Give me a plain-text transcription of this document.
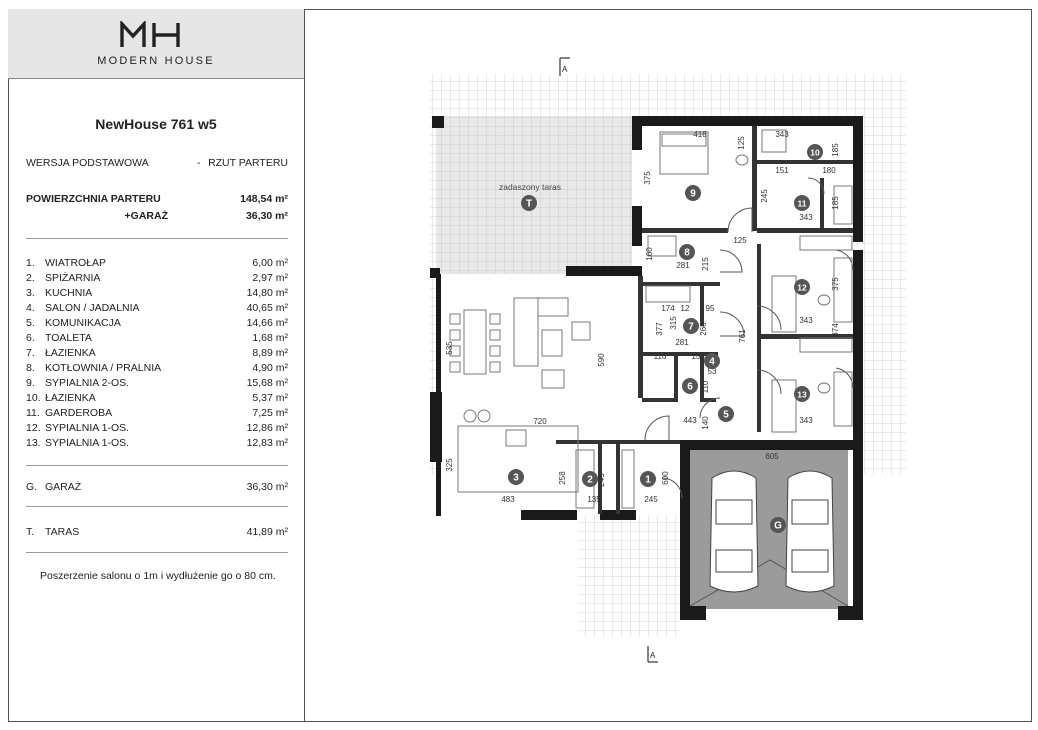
MODERN HOUSE
NewHouse 761 w5
WERSJA PODSTAWOWA	- RZUT PARTERU
POWIERZCHNIA PARTERU	148,54 m²
+GARAŻ	36,30 m²
1. WIATROŁAP	6,00 m²
2. SPIŻARNIA	2,97 m²
3. KUCHNIA	14,80 m²
4. SALON / JADALNIA	40,65 m²
5. KOMUNIKACJA	14,66 m²
6. TOALETA	1,68 m²
7. ŁAZIENKA	8,89 m²
8. KOTŁOWNIA / PRALNIA	4,90 m²
9. SYPIALNIA 2-OS.	15,68 m²
10. ŁAZIENKA	5,37 m²
11. GARDEROBA	7,25 m²
12. SYPIALNIA 1-OS.	12,86 m²
13. SYPIALNIA 1-OS.	12,83 m²
G. GARAŻ	36,30 m²
T. TARAS	41,89 m²
Poszerzenie salonu o 1m i wydłużenie go o 80 cm.
A
A
zadaszony taras
1
2
3
4
5
6
7
8
9
10
11
12
13
T
G
418	343
125
185
151	180
245
343
185
375
160
281 215
125
375
343
174 12 95
377 315	260
281
116	153
53
110
761	374
343
535
590
720	443 140
325
483
258	245
135	245
600
605
